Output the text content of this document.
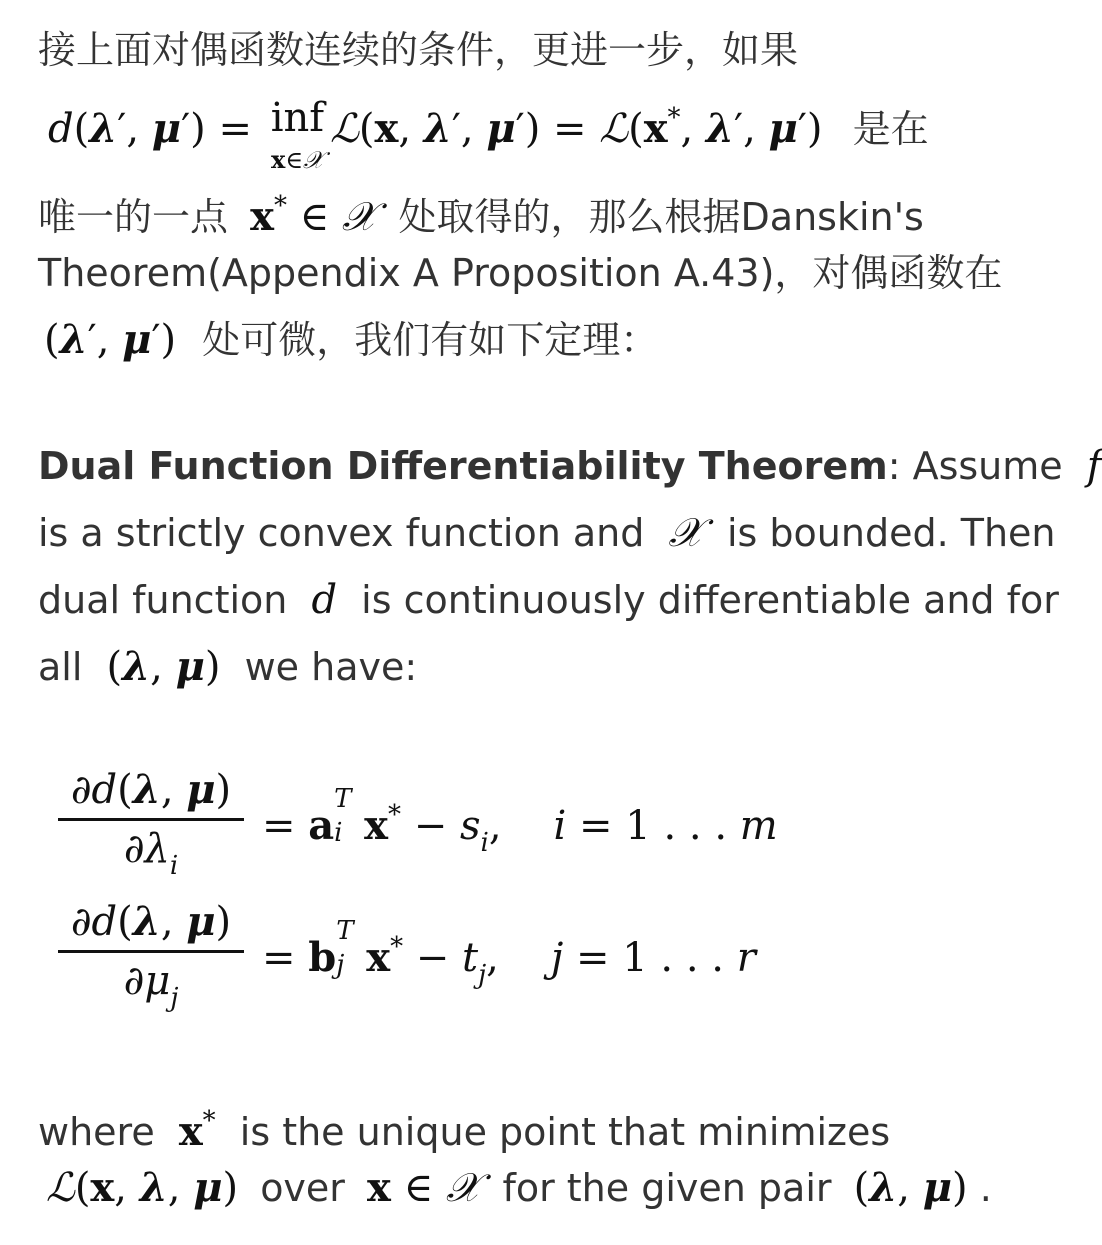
接上面对偶函数连续的条件，更进一步，如果
d(λ′, μ′) = inf
x∈𝒳
ℒ(x, λ′, μ′) = ℒ(x*, λ′, μ′) 是在
唯一的一点 x* ∈ 𝒳 处取得的，那么根据Danskin's
Theorem(Appendix A Proposition A.43)，对偶函数在
(λ′, μ′) 处可微，我们有如下定理：
Dual Function Differentiability Theorem: Assume f
is a strictly convex function and 𝒳 is bounded. Then
dual function d is continuously differentiable and for
all (λ, μ) we have:
∂d(λ, μ)
$\partial\lambda_i$
= a
T
i $x^* - s_i$, i = 1 . . . m
∂d(λ, μ)
$\partial\mu_j$
= b
T
j $x^* - t_j$, j = 1 . . . r
where x* is the unique point that minimizes
ℒ(x, λ, μ) over x ∈ 𝒳 for the given pair (λ, μ) .
